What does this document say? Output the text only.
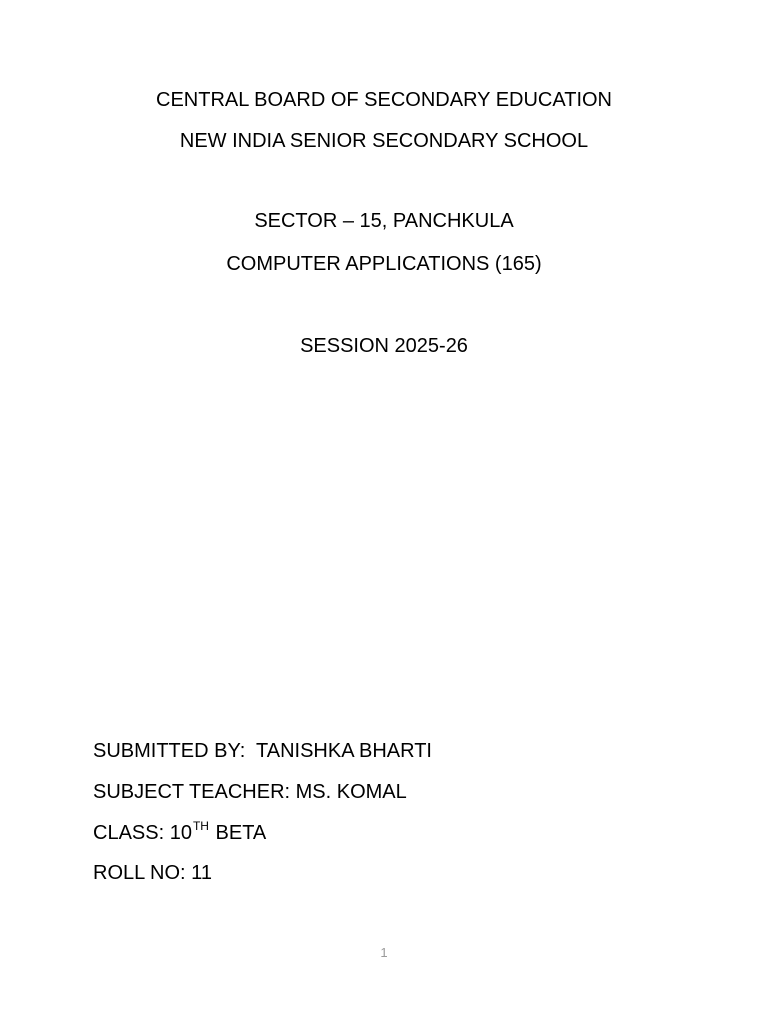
CENTRAL BOARD OF SECONDARY EDUCATION
NEW INDIA SENIOR SECONDARY SCHOOL
SECTOR – 15, PANCHKULA
COMPUTER APPLICATIONS (165)
SESSION 2025-26
SUBMITTED BY:  TANISHKA BHARTI
SUBJECT TEACHER: MS. KOMAL
CLASS: 10TH BETA
ROLL NO: 11
1
